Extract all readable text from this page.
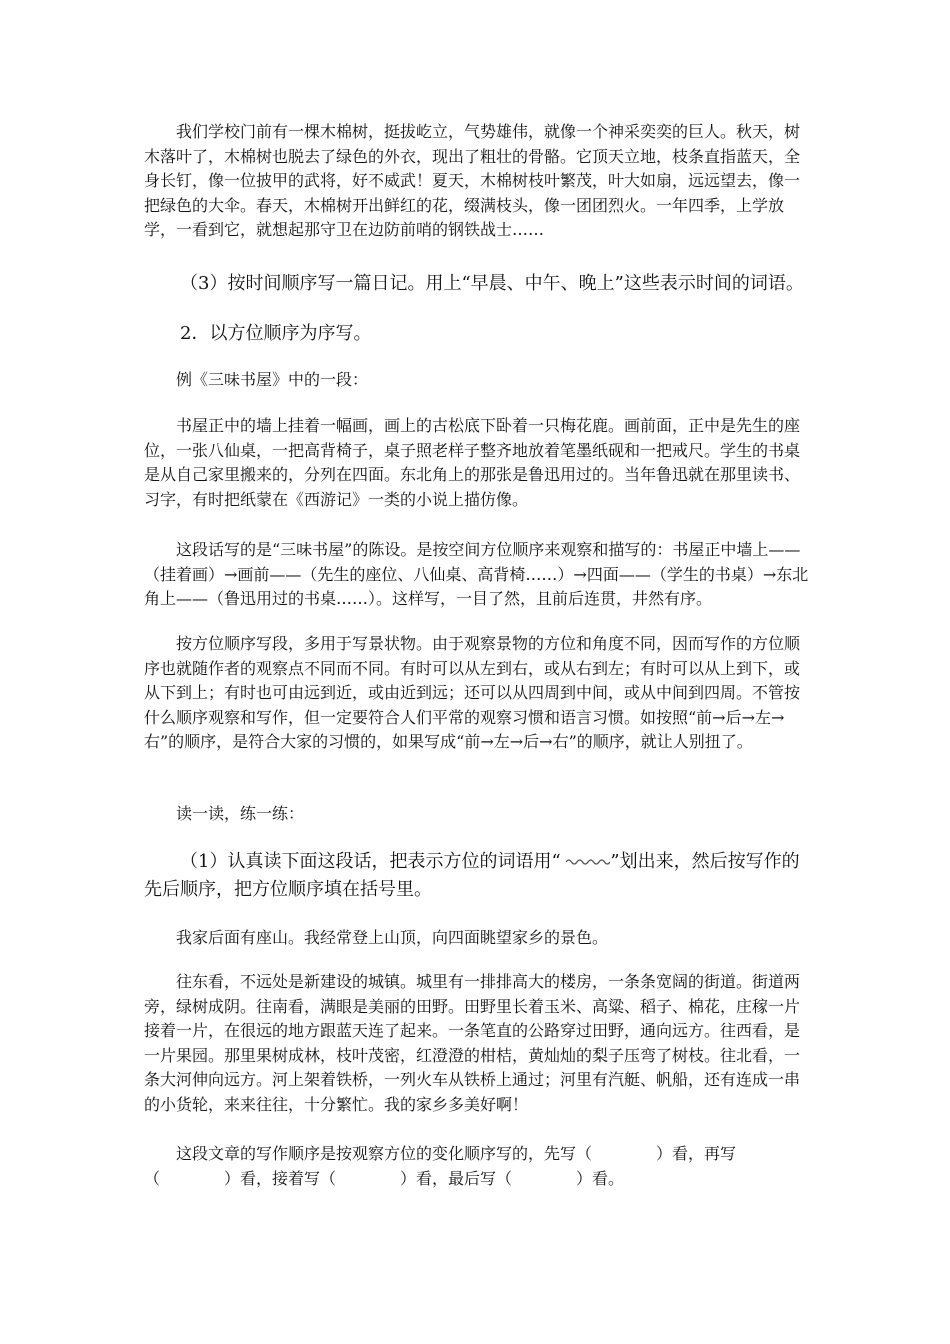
我们学校门前有一棵木棉树，挺拔屹立，气势雄伟，就像一个神采奕奕的巨人。秋天，树木落叶了，木棉树也脱去了绿色的外衣，现出了粗壮的骨骼。它顶天立地，枝条直指蓝天，全身长钉，像一位披甲的武将，好不威武！夏天，木棉树枝叶繁茂，叶大如扇，远远望去，像一把绿色的大伞。春天，木棉树开出鲜红的花，缀满枝头，像一团团烈火。一年四季，上学放学，一看到它，就想起那守卫在边防前哨的钢铁战士……

（3）按时间顺序写一篇日记。用上“早晨、中午、晚上”这些表示时间的词语。

2．以方位顺序为序写。

例《三味书屋》中的一段：

书屋正中的墙上挂着一幅画，画上的古松底下卧着一只梅花鹿。画前面，正中是先生的座位，一张八仙桌，一把高背椅子，桌子照老样子整齐地放着笔墨纸砚和一把戒尺。学生的书桌是从自己家里搬来的，分列在四面。东北角上的那张是鲁迅用过的。当年鲁迅就在那里读书、习字，有时把纸蒙在《西游记》一类的小说上描仿像。

这段话写的是“三味书屋”的陈设。是按空间方位顺序来观察和描写的：书屋正中墙上——（挂着画）→画前——（先生的座位、八仙桌、高背椅……）→四面——（学生的书桌）→东北角上——（鲁迅用过的书桌……）。这样写，一目了然，且前后连贯，井然有序。

按方位顺序写段，多用于写景状物。由于观察景物的方位和角度不同，因而写作的方位顺序也就随作者的观察点不同而不同。有时可以从左到右，或从右到左；有时可以从上到下，或从下到上；有时也可由远到近，或由近到远；还可以从四周到中间，或从中间到四周。不管按什么顺序观察和写作，但一定要符合人们平常的观察习惯和语言习惯。如按照“前→后→左→右”的顺序，是符合大家的习惯的，如果写成“前→左→后→右”的顺序，就让人别扭了。

读一读，练一练：

（1）认真读下面这段话，把表示方位的词语用“ ”划出来，然后按写作的先后顺序，把方位顺序填在括号里。

我家后面有座山。我经常登上山顶，向四面眺望家乡的景色。

往东看，不远处是新建设的城镇。城里有一排排高大的楼房，一条条宽阔的街道。街道两旁，绿树成阴。往南看，满眼是美丽的田野。田野里长着玉米、高粱、稻子、棉花，庄稼一片接着一片，在很远的地方跟蓝天连了起来。一条笔直的公路穿过田野，通向远方。往西看，是一片果园。那里果树成林，枝叶茂密，红澄澄的柑桔，黄灿灿的梨子压弯了树枝。往北看，一条大河伸向远方。河上架着铁桥，一列火车从铁桥上通过；河里有汽艇、帆船，还有连成一串的小货轮，来来往往，十分繁忙。我的家乡多美好啊！

这段文章的写作顺序是按观察方位的变化顺序写的，先写（　　　　）看，再写（　　　　）看，接着写（　　　　）看，最后写（　　　　）看。
